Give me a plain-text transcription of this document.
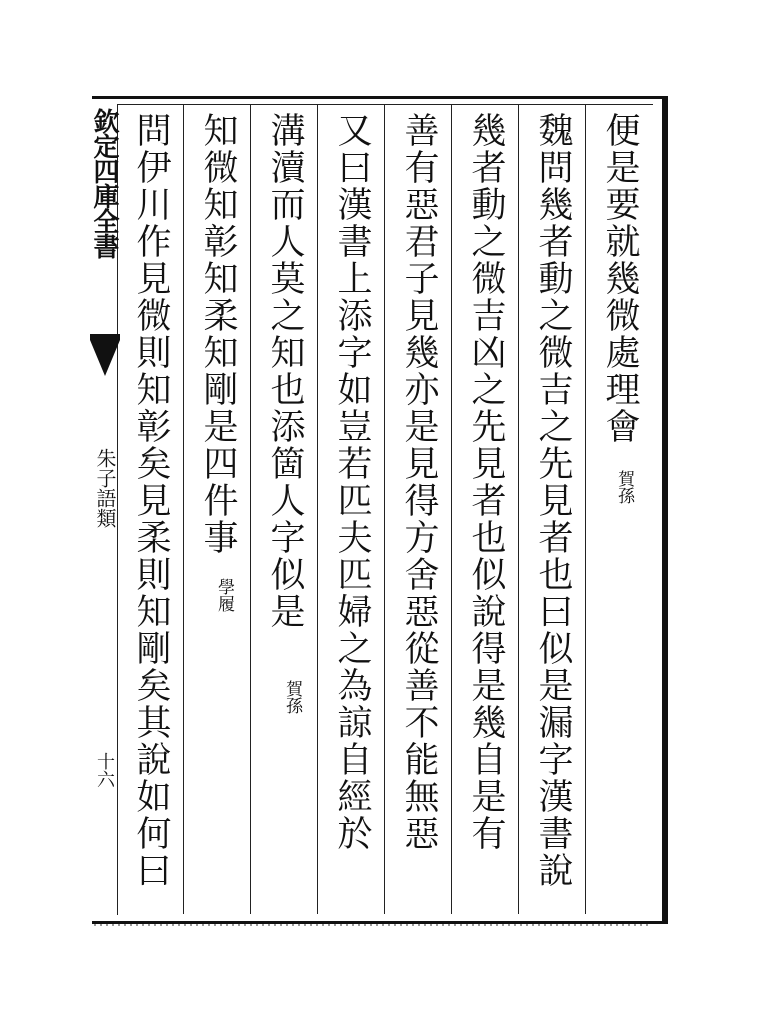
欽定四庫全書
朱子語類
十六
便是要就幾微處理會
賀孫
魏問幾者動之微吉之先見者也曰似是漏字漢書說
幾者動之微吉凶之先見者也似說得是幾自是有
善有惡君子見幾亦是見得方舍惡從善不能無惡
又曰漢書上添字如豈若匹夫匹婦之為諒自經於
溝瀆而人莫之知也添箇人字似是
賀孫
知微知彰知柔知剛是四件事
學履
問伊川作見微則知彰矣見柔則知剛矣其說如何曰
